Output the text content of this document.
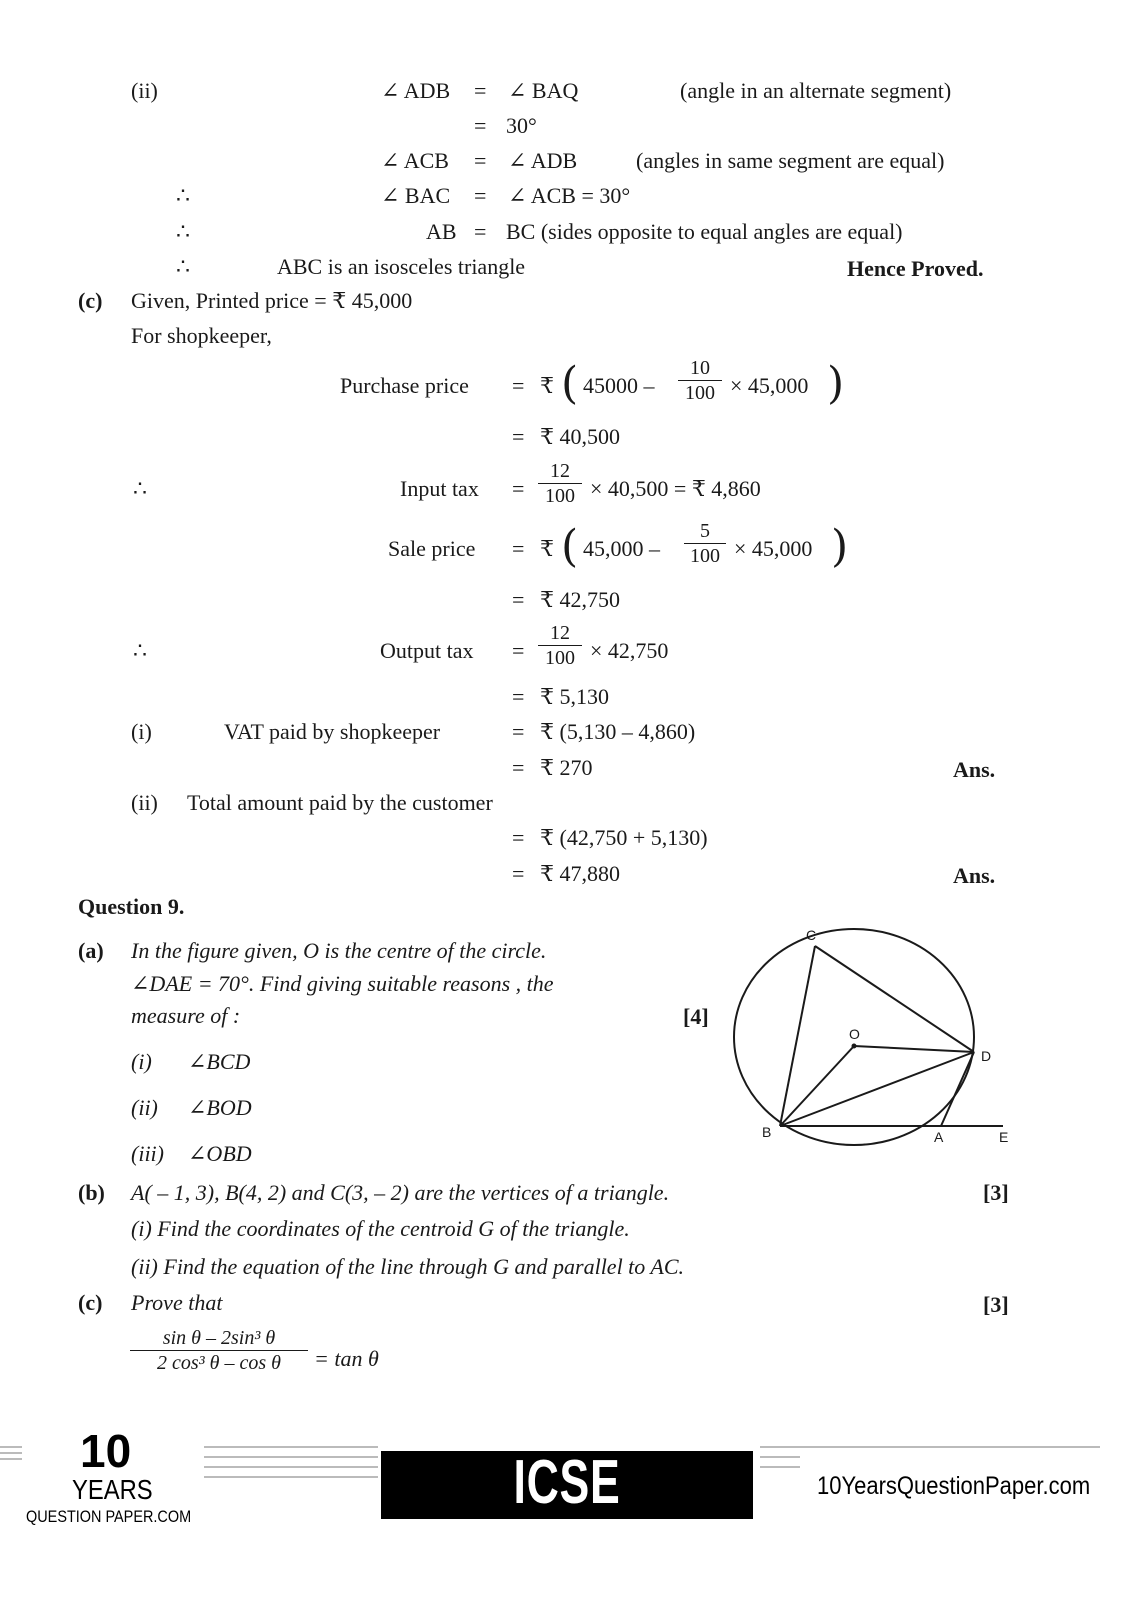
(ii)	∠ ADB = ∠ BAQ	(angle in an alternate segment)
= 30°
∠ ACB = ∠ ADB	(angles in same segment are equal)
∴	∠ BAC = ∠ ACB = 30°
∴	AB = BC (sides opposite to equal angles are equal)
∴	ABC is an isosceles triangle	Hence Proved.
(c) Given, Printed price = ₹ 45,000
For shopkeeper,
Purchase price = ₹ ( $45000 - \frac{10}{100} \times 45,000$ )
= ₹ 40,500
∴	Input tax = $\frac{12}{100} \times 40,500$ = ₹ 4,860
Sale price = ₹ ( $45,000 - \frac{5}{100} \times 45,000$ )
= ₹ 42,750
∴	Output tax = $\frac{12}{100} \times 42,750$
= ₹ 5,130
(i)	VAT paid by shopkeeper	= ₹ (5,130 – 4,860)
= ₹ 270	Ans.
(ii) Total amount paid by the customer
= ₹ (42,750 + 5,130)
= ₹ 47,880	Ans.
Question 9.
(a) In the figure given, O is the centre of the circle.
∠DAE = 70°. Find giving suitable reasons , the
measure of :	[4]
(i) ∠BCD
(ii) ∠BOD
(iii) ∠OBD
C
O
D
B	A	E
(b) A( – 1, 3), B(4, 2) and C(3, – 2) are the vertices of a triangle.	[3]
(i) Find the coordinates of the centroid G of the triangle.
(ii) Find the equation of the line through G and parallel to AC.
(c) Prove that	[3]
$\frac{\text{sin θ – 2sin³ θ}}{\text{2 cos³ θ – cos θ}} = \tan \theta$
10
YEARS
QUESTION PAPER.COM	ICSE BOARD X
10YearsQuestionPaper.com
